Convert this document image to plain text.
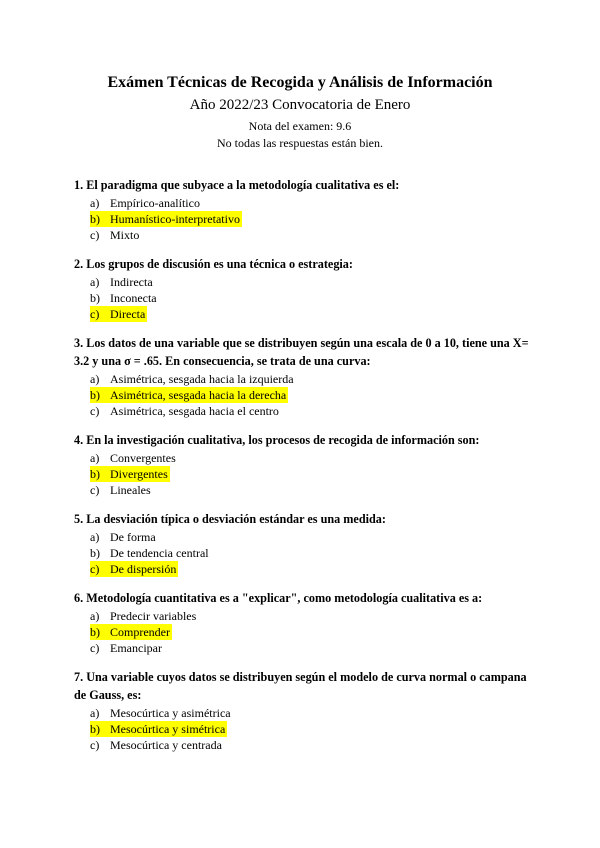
Exámen Técnicas de Recogida y Análisis de Información
Año 2022/23 Convocatoria de Enero
Nota del examen: 9.6
No todas las respuestas están bien.
1. El paradigma que subyace a la metodología cualitativa es el:
a) Empírico-analítico
b) Humanístico-interpretativo
c) Mixto
2. Los grupos de discusión es una técnica o estrategia:
a) Indirecta
b) Inconecta
c) Directa
3. Los datos de una variable que se distribuyen según una escala de 0 a 10, tiene una X= 3.2 y una σ = .65. En consecuencia, se trata de una curva:
a) Asimétrica, sesgada hacia la izquierda
b) Asimétrica, sesgada hacia la derecha
c) Asimétrica, sesgada hacia el centro
4. En la investigación cualitativa, los procesos de recogida de información son:
a) Convergentes
b) Divergentes
c) Lineales
5. La desviación típica o desviación estándar es una medida:
a) De forma
b) De tendencia central
c) De dispersión
6. Metodología cuantitativa es a "explicar", como metodología cualitativa es a:
a) Predecir variables
b) Comprender
c) Emancipar
7. Una variable cuyos datos se distribuyen según el modelo de curva normal o campana de Gauss, es:
a) Mesocúrtica y asimétrica
b) Mesocúrtica y simétrica
c) Mesocúrtica y centrada
